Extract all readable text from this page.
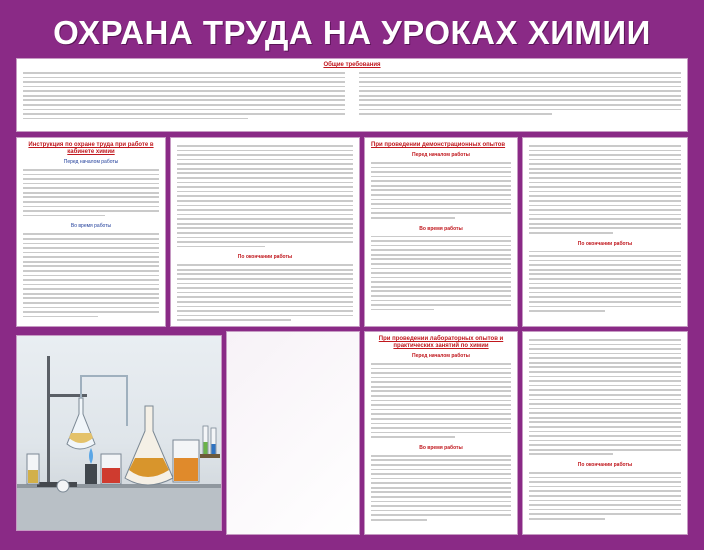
ОХРАНА ТРУДА НА УРОКАХ ХИМИИ
Общие требования
Инструкция по охране труда при работе в кабинете химии
Перед началом работы
Во время работы
По окончании работы
При проведении демонстрационных опытов
Перед началом работы
Во время работы
По окончании работы
При проведении лабораторных опытов и практических занятий по химии
Перед началом работы
Во время работы
По окончании работы
